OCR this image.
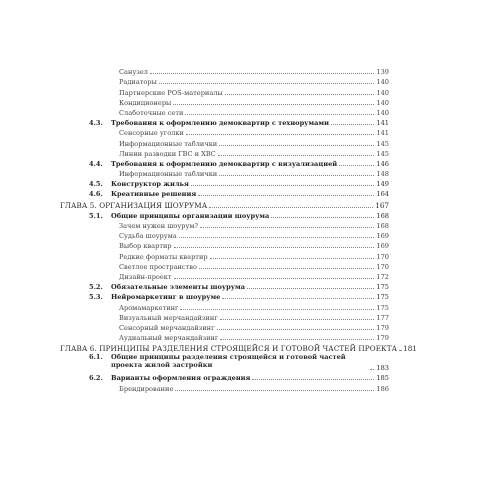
Санузел	139
Радиаторы	140
Партнерские POS-материалы	140
Кондиционеры	140
Слаботочные сети	140
4.3. Требования к оформлению демоквартир с технорумами	141
Сенсорные уголки	141
Информационные таблички	145
Линии разводки ГВС и ХВС	145
4.4. Требования к оформлению демоквартир с визуализацией	146
Информационные таблички	148
4.5. Конструктор жилья	149
4.6. Креативные решения	164
ГЛАВА 5. ОРГАНИЗАЦИЯ ШОУРУМА	167
5.1. Общие принципы организации шоурума	168
Зачем нужен шоурум?	168
Судьба шоурума	169
Выбор квартир	169
Редкие форматы квартир	170
Светлое пространство	170
Дизайн-проект	172
5.2. Обязательные элементы шоурума	175
5.3. Нейромаркетинг в шоуруме	175
Аромамаркетинг	175
Визуальный мерчандайзинг	177
Сенсорный мерчандайзинг	179
Аудиальный мерчандайзинг	179
ГЛАВА 6. ПРИНЦИПЫ РАЗДЕЛЕНИЯ СТРОЯЩЕЙСЯ И ГОТОВОЙ ЧАСТЕЙ ПРОЕКТА 181
6.1. Общие принципы разделения строящейся и готовой частей проекта жилой застройки	183
6.2. Варианты оформления ограждения	185
Брендирование	186
